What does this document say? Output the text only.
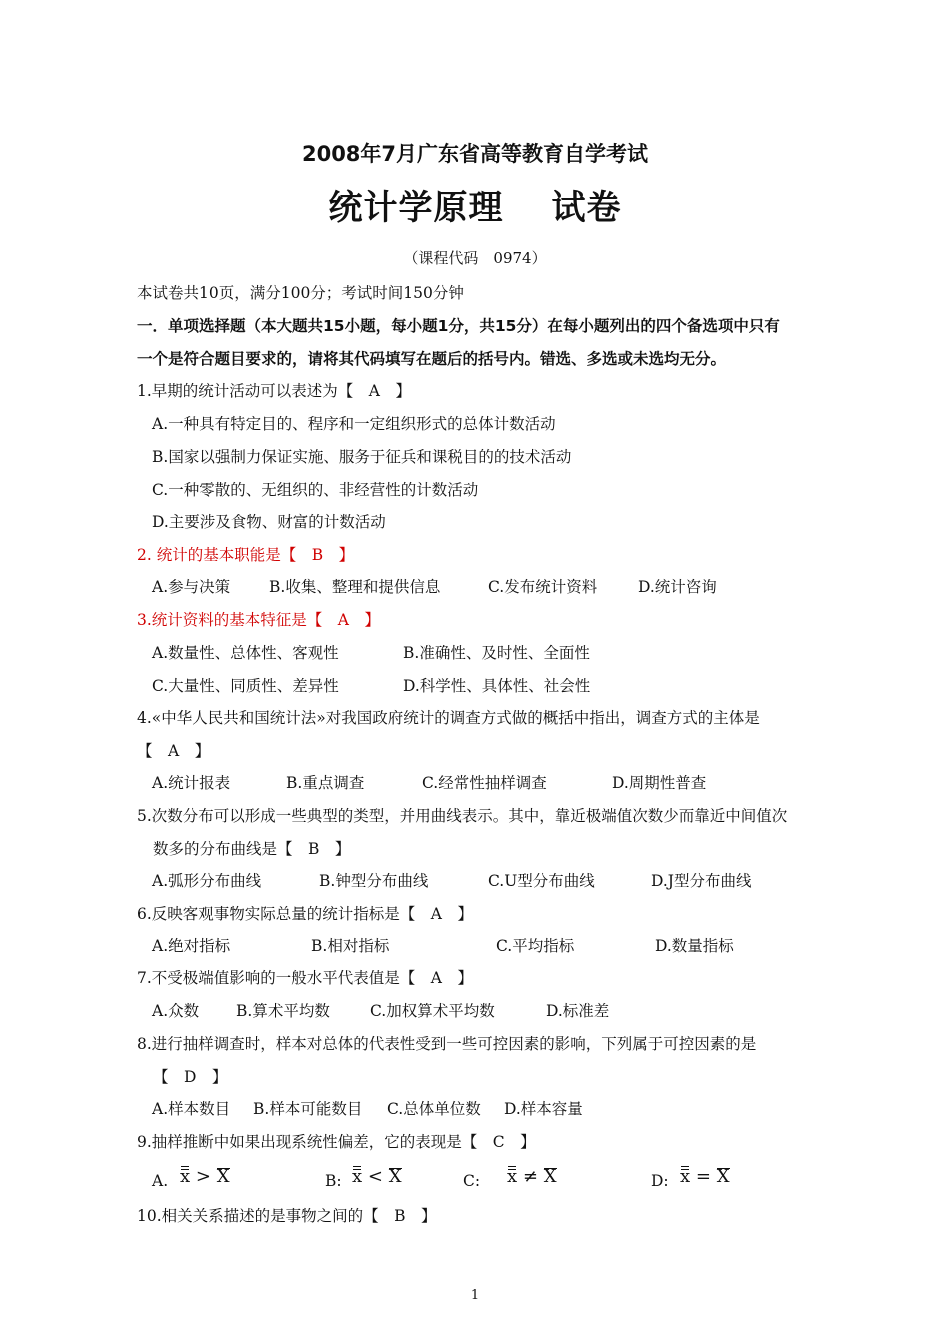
2008年7月广东省高等教育自学考试
统计学原理 试卷
（课程代码　0974）
本试卷共10页，满分100分；考试时间150分钟
一．单项选择题（本大题共15小题，每小题1分，共15分）在每小题列出的四个备选项中只有
一个是符合题目要求的，请将其代码填写在题后的括号内。错选、多选或未选均无分。
1.早期的统计活动可以表述为【　A　】
A.一种具有特定目的、程序和一定组织形式的总体计数活动
B.国家以强制力保证实施、服务于征兵和课税目的的技术活动
C.一种零散的、无组织的、非经营性的计数活动
D.主要涉及食物、财富的计数活动
2. 统计的基本职能是【　B　】
A.参与决策	B.收集、整理和提供信息	C.发布统计资料	D.统计咨询
3.统计资料的基本特征是【　A　】
A.数量性、总体性、客观性	B.准确性、及时性、全面性
C.大量性、同质性、差异性	D.科学性、具体性、社会性
4.«中华人民共和国统计法»对我国政府统计的调查方式做的概括中指出，调查方式的主体是
【　A　】
A.统计报表	B.重点调查	C.经常性抽样调查	D.周期性普查
5.次数分布可以形成一些典型的类型，并用曲线表示。其中，靠近极端值次数少而靠近中间值次
数多的分布曲线是【　B　】
A.弧形分布曲线	B.钟型分布曲线	C.U型分布曲线	D.J型分布曲线
6.反映客观事物实际总量的统计指标是【　A　】
A.绝对指标	B.相对指标	C.平均指标	D.数量指标
7.不受极端值影响的一般水平代表值是【　A　】
A.众数 B.算术平均数	C.加权算术平均数	D.标准差
8.进行抽样调查时，样本对总体的代表性受到一些可控因素的影响，下列属于可控因素的是
【　D　】
A.样本数目 B.样本可能数目 C.总体单位数 D.样本容量
9.抽样推断中如果出现系统性偏差，它的表现是【　C　】
A. x > X	B: x < X	C: x ≠ X	D: x = X
10.相关关系描述的是事物之间的【　B　】
1
